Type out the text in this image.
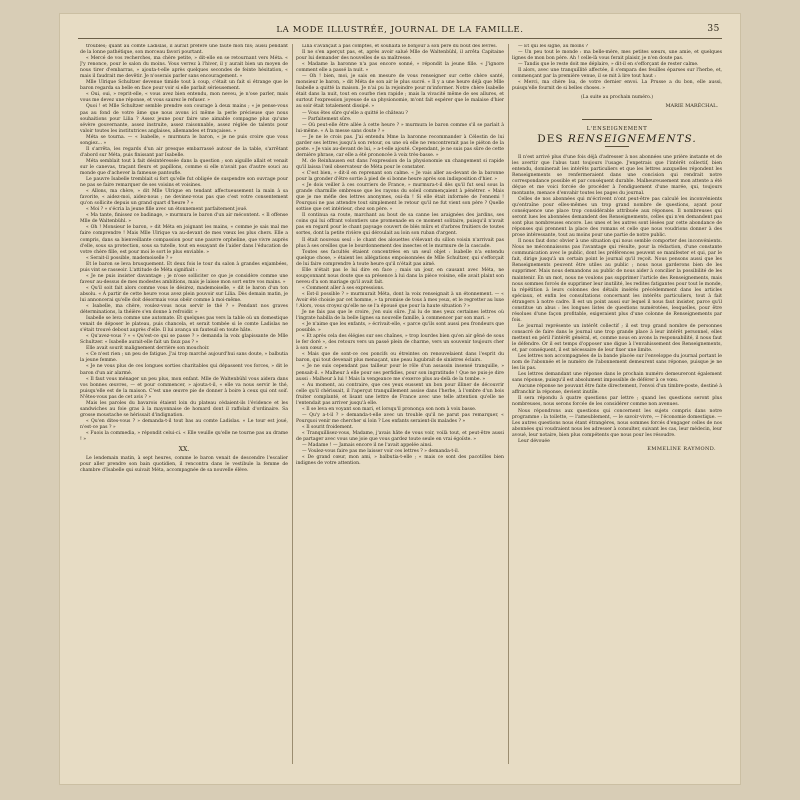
LA MODE ILLUSTRÉE, JOURNAL DE LA FAMILLE.	35

troublés; quant au comte Ladislas, il aurait préféré une faute mon fils; aussi pendant de la lonne pathétique, son morceau favori pourtant.

« Mercé de vos recherches, ma chère petite, » dit-elle en se retournant vers Méta. « J'y renonce, pour le salon du moins. Vous verrez à l'hiver, il y aurait bien un moyen de nous tirer d'embarras, » ajouta-t-elle après quelques secondes de feinte hésitation, « mais il faudrait me devêtir. Je n'oserais parler sans encouragement. »

Mlle Ulrique Schultzer devenue timide tout à coup, c'était un fait si étrange que le baron regarda sa belle en face pour voir si elle parlait sérieusement.

« Oui, oui, » reprit-elle, « vous avez bien entendu, mon neveu, je n'ose parler, mais vous me devez une réponse, et vous saurez le refuser. »

Quoi ! et Mlle Schultzer semble prendre son courage à deux mains ; « je pense-vous pas au fond de votre âme que nous avons ici même la perle précieuse que nous souhaitions pour Lilia ? Assez jeune pour faire une aimable compagne plus qu'une sévère gouvernante, assez instruite, assez raisonnable, assez réglée de talents pour valoir toutes les institutrices anglaises, allemandes et françaises. »

Méta se tourna. — « Isabelle, » murmura le baron, « je ne puis croire que vous songiez... »

Il s'arrêta, les regards d'un air presque embarrassé autour de la table, s'arrêtant d'abord sur Méta, puis finissant par Isabelle.

Méta semblait tout à fait désintéressée dans la question ; son aiguille allait et venait sur le canevas, traçant fleurs et papillons, comme si elle n'avait pas d'autre souci au monde que d'achever la fameuse pantoufle.

Le pauvre Isabelle tremblait si fort qu'elle fut obligée de suspendre son ouvrage pour ne pas se faire remarquer de ses voisins et voisines.

« Allons, ma chère, » dit Mlle Ulrique en tendant affectueusement la main à sa favorite, « aidez-moi, aidez-nous ; ne devinez-vous pas que c'est votre consentement qu'on sollicite depuis un grand quart d'heure ? »

« Moi ? » s'écria la jeune fille avec un étonnement parfaitement joué.

« Ma tante, finissez ce badinage, » murmura le baron d'un air mécontent. « Il offense Mlle de Waltenbühl. »

« Oh ! Monsieur le baron, » dit Méta en joignant les mains, « comme je sais mal me faire comprendre ! Mais Mlle Ulrique va au-devant de mes vœux les plus chers. Elle a compris, dans sa bienveillante compassion pour une pauvre orpheline, que vivre auprès d'elle, sous sa protection, sous sa tutelle, tout en essayant de l'aider dans l'éducation de votre chère fille, est pour moi le sort le plus enviable. »

« Serait-il possible, mademoiselle ? »

Et le baron se leva brusquement. Et deux fois le tour du salon à grandes enjambées, puis vint se rasseoir. L'attitude de Méta signifiait :

« Je ne puis insister davantage ; je n'ose solliciter ce que je considère comme une faveur au-dessus de mes modestes ambitions, mais je laisse mon sort entre vos mains. »

« Qu'il soit fait alors comme vous le désirez, mademoiselle, » dit le baron d'un ton absolu. « À partir de cette heure vous avez plein pouvoir sur Lilia. Dès demain matin, je lui annoncerai qu'elle doit désormais vous obéir comme à moi-même.

« Isabelle, ma chère, voulez-vous nous servir le thé ? » Pendant nos graves déterminations, la théière s'en donne à refroidir. »

Isabelle se leva comme une automate. Et quelques pas vers la table où un domestique venait de déposer le plateau, puis chancela, et serait tombée si le comte Ladislas ne s'était trouvé debout auprès d'elle. Il lui avança un fauteuil en toute hâte.

« Qu'avez-vous ? » « Qu'est-ce qui se passe ? » demanda la voix glapissante de Mlle Schultzer. « Isabelle aurait-elle fait un faux pas ? »

Elle avait sourit malignement derrière son mouchoir.

« Ce n'est rien ; un peu de fatigue. J'ai trop marché aujourd'hui sans doute, » balbutia la jeune femme.

« Je ne vous plus de ces longues sorties charitables qui dépassent vos forces, » dit le baron d'un air alarmé.

« Il faut vous ménager un peu plus, mon enfant. Mlle de Waltenbühl vous aidera dans vos bonnes œuvres, — et pour commencer, » ajouta-t-il, « elle va nous servir le thé, puisqu'elle est de la maison. C'est une œuvre pie de donner à boire à ceux qui ont soif. N'êtes-vous pas de cet avis ? »

Mais les paroles du bavarois étaient loin du plateau cédaient-ils l'évidence et les sandwiches au foie gras à la mayonnaise de homard dont il raffolait d'ordinaire. Sa grosse moustache se hérissait d'indignation.

« Qu'en dites-vous ? » demanda-t-il tout bas au comte Ladislas. « Le tour est joué, n'est-ce pas ? »

« Fuois la commedia, » répondit celui-ci. « Elle veuille qu'elle ne tourne pas au drame ! »

XX.

Le lendemain matin, à sept heures, comme le baron venait de descendre l'escalier pour aller prendre son bain quotidien, il rencontra dans le vestibule la femme de chambre d'Isabelle qui suivait Méta, accompagnée de sa nouvelle élève.

Lilia s'avançait à pas comptés, et souhaita le bonjour à son père du bout des lèvres.

Il ne s'en aperçut pas, et, après avoir salué Mlle de Waltenbühl, il arrêta Capitaine pour lui demander des nouvelles de sa maîtresse.

« Madame la baronne n'a pas encore sonné, » répondit la jeune fille. « J'ignore comment elle a passé la nuit. »

— Oh ! bien, moi, je sais en mesure de vous renseigner sur cette chère santé, monsieur le baron, » dit Méta de son air le plus sucré. « Il y a une heure déjà que Mlle Isabelle a quitté la maison. Je n'ai pu la rejoindre pour m'informer. Notre chère Isabelle était dans la nuit, tout en courbe rien rapide ; mais la vivacité même de ses allures, et surtout l'expression joyeuse de sa physionomie, m'ont fait espérer que le malaise d'hier au soir était totalement dissipé. »

— Vous êtes sûre qu'elle a quitté le château ?

— Parfaitement sûre.

— Où peut-elle être allée à cette heure ? » murmura le baron comme s'il se parlait à lui-même. « A la messe sans doute ? »

— Je ne le crois pas. J'ai entendu Mme la baronne recommander à Célestin de lui garder ses lettres jusqu'à son retour, ou une où elle ne rencontrerait pas le piéton de la poste. » Je vais au-devant de lui, » a-t-elle ajouté. Cependant, je ne suis pas sûre de cette dernière phrase, car elle a été prononcée à voix très-basse. »

M. de Reinhausen eut dans l'expression de la physionomie un changement si rapide qu'il laissa l'œil observateur de Méta pour le constater.

« C'est bien, » dit-il en reprenant son calme. « Je vais aller au-devant de la baronne pour la gronder d'être sortie à pied de si bonne heure après son indisposition d'hier. »

« Je dois veiller à ces courriers de France, » murmura-t-il dès qu'il fut seul sous la grande charmille ombreuse que les rayons du soleil commençaient à pénétrer. « Mais que je me méfie des lettres anonymes, oui-da ! Si elle était informée de l'ennemi ! Pourquoi ne pas attendre tout simplement le retour qu'il ne fut vient son père ? Quelle sottise que cet intérieur, chez son père. »

Il continua sa route, marchant au bout de sa canne les araignées des jardins, ses coins qui lui offrant volontiers une promenade en ce moment solitaire, puisqu'il n'avait pas en regard pour le chant paysage couvert de blés mûrs et d'arbres fruitiers de toutes sortes, dont la petite rivière qui déroulait au loin son ruban d'argent.

Il était nouveau seul : le chant des alouettes s'élevant du sillon voisin n'arrivait pas plus à ses oreilles que le bourdonnement des insectes et le murmure de la cascade.

Toutes ses facultés étaient concentrées en un seul objet : Isabelle n'a entendu quelque chose, » étaient les allégations empoisonnées de Mlle Schultzer, qui s'efforçait de lui faire comprendre à toute heure qu'il n'était pas aimé.

Elle n'était pas le lui dire en face ; mais un jour, en causant avec Méta, ne soupçonnant nous doute que sa présence à lui dans la pièce voisine, elle avait plaint son neveu d'a son mariage qu'il avait fait.

« Comment aller à ses expressions.

« Est-il possible ? » murmurait Méta, dont la voix renseignait à un étonnement. — « Avoir été choisie par cet homme, » ta promise de tous à mes yeux, et le regretter au luxe ! Alors, vous croyez qu'elle ne se l'a épousé que pour la haute situation ? »

Je ne fais pas que le croire, j'en suis sûre. J'ai lu de mes yeux certaines lettres où l'ingrate habilla de la belle lignes sa nouvelle famille, à commencer par son mari. »

« Je n'aime que les enfants, » écrivait-elle, « parce qu'ils sont aussi peu frondeurs que possible. »

« Et après cela des élégies sur ses chaînes, » trop lourdes bien qu'en air gêné de sous le fer doré », des retours vers un passé plein de charme, vers un souvenir toujours cher à son cœur. »

« Mais que de sont-ce ces poncifs ou étreintes on renouvelaient dans l'esprit du baron, qui tout devenait plus menaçant, une peau lugubrait de sinistres éclairs.

« Je ne suis cependant pas tailleur pour le rôle d'un assassin insensé tranquille, » pensait-il. « Malheur à elle pour ses perfidies, pour son ingratitude ! Que ne puis-je dire aussi : Malheur à lui ! Mais la vengeance me s'exerce plus au-delà de la tombe. »

« Au moment, au contraire, que ces yeux eussent un bon pour illiner de découvrir celle qu'il chérissait, il l'aperçut tranquillement assise dans l'herbe, à l'ombre d'un bois fruiter complanté, et lisant une lettre de France avec une telle attention qu'elle ne l'entendait pas arriver jusqu'à elle.

« Il se leva en voyant son mari, et lorsqu'il prononça son nom à voix basse.

— Qu'y a-t-il ? » demanda-t-elle avec un trouble qu'il ne parut pas remarquer, « Pourquoi venir me chercher si loin ? Les enfants seraient-ils malades ? »

« Il sourit froidement.

« Tranquillisez-vous, Madame, j'avais hâte de vous voir, voilà tout, et peut-être aussi de partager avec vous une joie que vous gardez toute seule en vrai égoïste. »

— Madame ! — Jamais encore il ne l'avait appelée ainsi.

— Voulez-vous faire pas me laisser voir ces lettres ? » demanda-t-il.

« De grand cœur, mon ami, » balbutia-t-elle ; « mais ce sont des pacotilles bien indignes de votre attention.

— Et qui les signe, au moins ?

— Un peu tout le monde : ma belle-mère, mes petites sœurs, une amie, et quelques lignes de mon bon père. Ah ! celle-là vous ferait plaisir, je n'en doute pas.

— Tandis que le reste doit me déplaire, » dit-il en s'efforçant de rester calme.

Il alors, avec une tranquillité affectée, il s'empara des feuilles éparses sur l'herbe, et, commençant par la première venue, il se mit à lire tout haut :

« Merci, ma chère Isa, de votre dernier envoi. La Prusse a du bon, elle aussi, puisqu'elle fournit de si belles choses. »

(La suite au prochain numéro.)
MARIE MARÉCHAL.
L'ENSEIGNEMENT
DES RENSEIGNEMENTS.

Il n'est arrivé plus d'une fois déjà d'adresser à nos abonnées une prière instante et de les avertir que l'abus tant toujours l'usage. J'enpetrais que l'intérêt collectif, bien entendu, dominerait les intérêts particuliers et que les lettres auxquelles répondent les Renseignements se renfermeraient dans une concision qui rendrait notre correspondance possible et par conséquent durable. Malheureusement mon attente a été déçue et me voici forcée de procéder à l'endiguement d'une marée, qui, toujours montante, menace d'envahir toutes les pages du journal.

Celles de nos abonnées qui m'écrivent n'ont peut-être pas calculé les inconvénients qu'entraîne pour elles-mêmes un trop grand nombre de questions, ayant pour conséquence une place trop considérable attribuée aux réponses. Il nombreuses qui seront lues les abonnées demandent des Renseignements, celles qui n'en demandent pas sont plus nombreuses encore. Les unes et les autres sont lésées par cette abondance de réponses qui prennent la place des romans et celle que nous voudrions donner à des prose intéressante, tout au moins pour une partie de notre public.

Il nous faut donc obvier à une situation qui nous semble comporter des inconvénients. Nous ne méconnaissons pas l'avantage qui résulte, pour la rédaction, d'une constante communication avec le public, dont les préférences peuvent se manifester et qui, par le fait, dirige jusqu'à un certain point le journal qu'il reçoit. Nous pensons aussi que les Renseignements peuvent être utiles au public ; nous nous garderons bien de les supprimer. Mais nous demandons au public de nous aider à concilier la possibilité de les maintenir. En un mot, nous ne voulons pas supprimer l'article des Renseignements, mais nous sommes forcés de supprimer leur inutilité, les redites fatigantes pour tout le monde, la répétition à leurs colonnes des détails insérés précédemment dans les articles spéciaux, et enfin les consultations concernant les intérêts particuliers, tout à fait étrangers à notre cadre. Il est un point aussi sur lequel il nous faut insister, parce qu'il constitue un abus : les longues listes de questions numérotées, lesquelles, pour être résolues d'une façon profitable, exigeraient plus d'une colonne de Renseignements par fois.

Le journal représente un intérêt collectif ; il est trop grand nombre de personnes consacré de faire dans le journal une trop grande place à leur intérêt personnel, elles mettent en péril l'intérêt général, et, comme nous en avons la responsabilité, il nous faut le défendre. Or il est temps d'opposer une digue à l'envahissement des Renseignements, et, par conséquent, il est nécessaire de leur fixer une limite.

Les lettres non accompagnées de la bande placée sur l'enveloppe du journal portant le nom de l'abonnée et le numéro de l'abonnement demeurent sans réponse, puisque je ne les lis pas.

Les lettres demandant une réponse dans le prochain numéro demeureront également sans réponse, puisqu'il est absolument impossible de déférer à ce vœu.

Aucune réponse ne pouvant être faite directement, l'envoi d'un timbre-poste, destiné à affranchir la réponse, devient inutile.

Il sera répondu à quatre questions par lettre ; quand les questions seront plus nombreuses, nous serons forcée de les considérer comme non avenues.

Nous répondrons aux questions qui concernent les sujets compris dans notre programme : la toilette, — l'ameublement, — le savoir-vivre, — l'économie domestique. — Les autres questions nous étant étrangères, nous sommes forcés d'engager celles de nos abonnées qui voudraient nous les adresser à consulter, suivant les cas, leur médecin, leur avoué, leur notaire, bien plus compétents que nous pour les résoudre.

Leur dévouée

EMMELINE RAYMOND.
